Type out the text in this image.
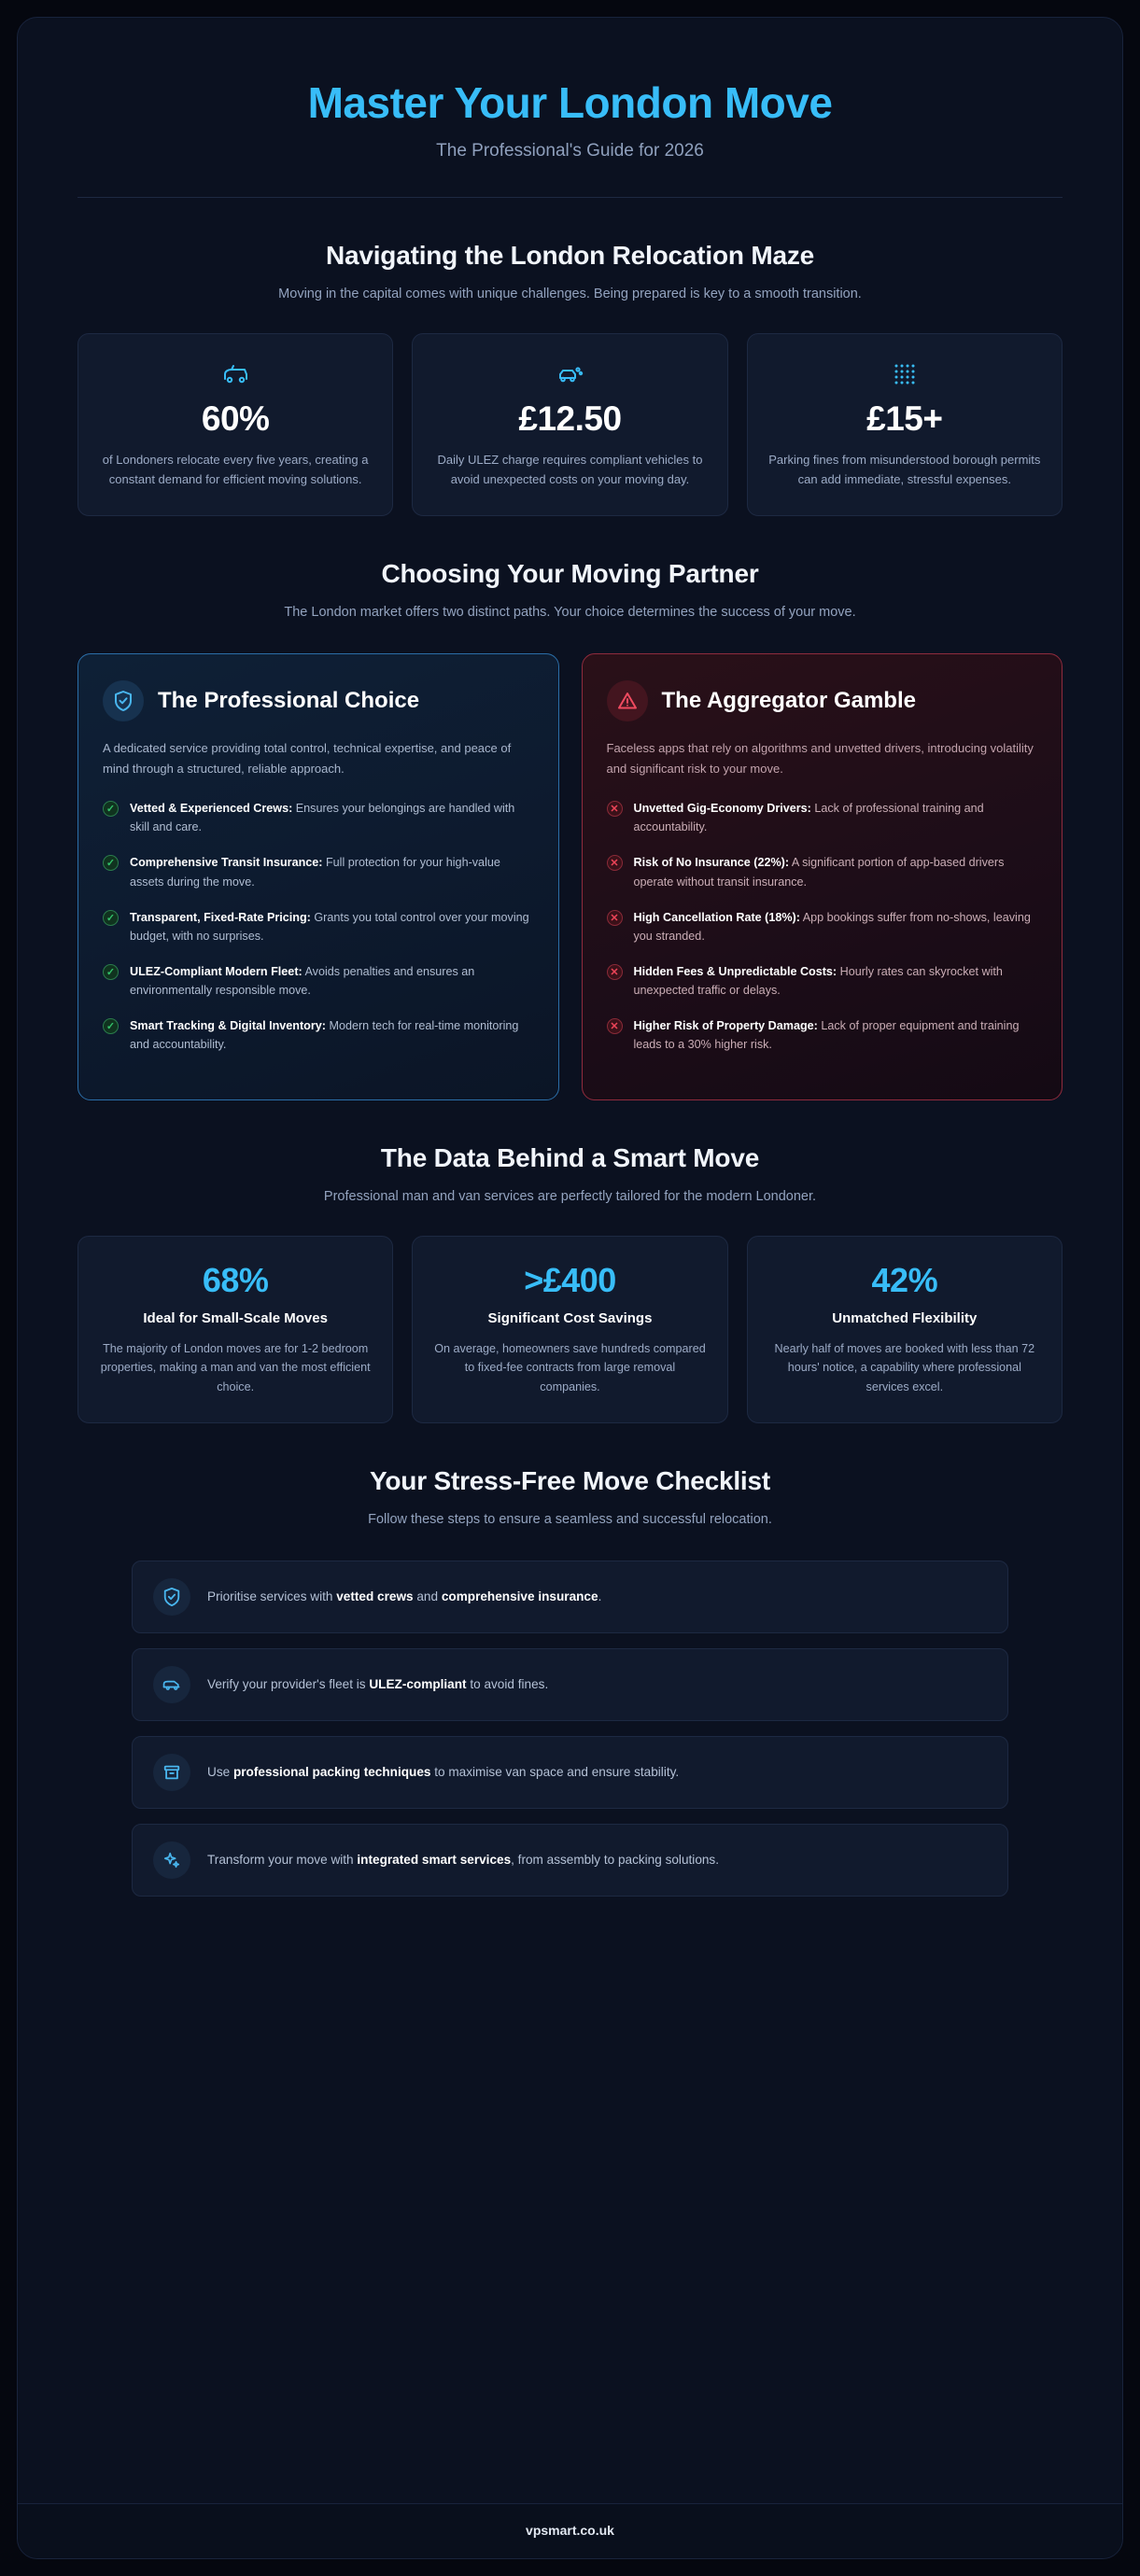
Master Your London Move
The Professional's Guide for 2026
Navigating the London Relocation Maze
Moving in the capital comes with unique challenges. Being prepared is key to a smooth transition.
60%
of Londoners relocate every five years, creating a constant demand for efficient moving solutions.
£12.50
Daily ULEZ charge requires compliant vehicles to avoid unexpected costs on your moving day.
£15+
Parking fines from misunderstood borough permits can add immediate, stressful expenses.
Choosing Your Moving Partner
The London market offers two distinct paths. Your choice determines the success of your move.
The Professional Choice
A dedicated service providing total control, technical expertise, and peace of mind through a structured, reliable approach.
✓	Vetted & Experienced Crews: Ensures your belongings are handled with skill and care.
✓	Comprehensive Transit Insurance: Full protection for your high-value assets during the move.
✓	Transparent, Fixed-Rate Pricing: Grants you total control over your moving budget, with no surprises.
✓	ULEZ-Compliant Modern Fleet: Avoids penalties and ensures an environmentally responsible move.
✓	Smart Tracking & Digital Inventory: Modern tech for real-time monitoring and accountability.
The Aggregator Gamble
Faceless apps that rely on algorithms and unvetted drivers, introducing volatility and significant risk to your move.
✕	Unvetted Gig-Economy Drivers: Lack of professional training and accountability.
✕	Risk of No Insurance (22%): A significant portion of app-based drivers operate without transit insurance.
✕	High Cancellation Rate (18%): App bookings suffer from no-shows, leaving you stranded.
✕	Hidden Fees & Unpredictable Costs: Hourly rates can skyrocket with unexpected traffic or delays.
✕	Higher Risk of Property Damage: Lack of proper equipment and training leads to a 30% higher risk.
The Data Behind a Smart Move
Professional man and van services are perfectly tailored for the modern Londoner.
68%
Ideal for Small-Scale Moves
The majority of London moves are for 1-2 bedroom properties, making a man and van the most efficient choice.
>£400
Significant Cost Savings
On average, homeowners save hundreds compared to fixed-fee contracts from large removal companies.
42%
Unmatched Flexibility
Nearly half of moves are booked with less than 72 hours' notice, a capability where professional services excel.
Your Stress-Free Move Checklist
Follow these steps to ensure a seamless and successful relocation.
Prioritise services with vetted crews and comprehensive insurance.
Verify your provider's fleet is ULEZ-compliant to avoid fines.
Use professional packing techniques to maximise van space and ensure stability.
Transform your move with integrated smart services, from assembly to packing solutions.
vpsmart.co.uk
